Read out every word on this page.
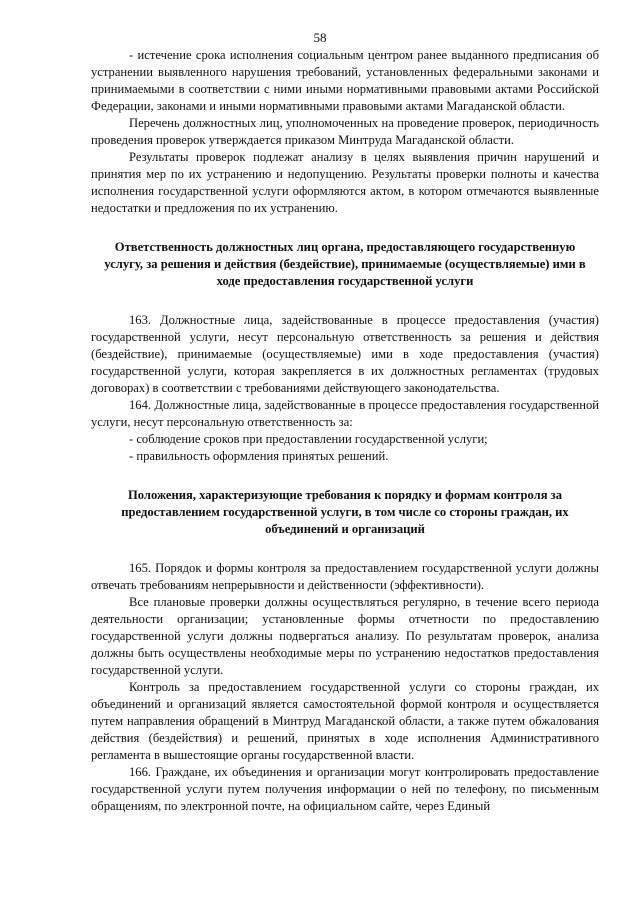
58

- истечение срока исполнения социальным центром ранее выданного предписания об устранении выявленного нарушения требований, установленных федеральными законами и принимаемыми в соответствии с ними иными нормативными правовыми актами Российской Федерации, законами и иными нормативными правовыми актами Магаданской области.

Перечень должностных лиц, уполномоченных на проведение проверок, периодичность проведения проверок утверждается приказом Минтруда Магаданской области.

Результаты проверок подлежат анализу в целях выявления причин нарушений и принятия мер по их устранению и недопущению. Результаты проверки полноты и качества исполнения государственной услуги оформляются актом, в котором отмечаются выявленные недостатки и предложения по их устранению.

Ответственность должностных лиц органа, предоставляющего государственную услугу, за решения и действия (бездействие), принимаемые (осуществляемые) ими в ходе предоставления государственной услуги

163. Должностные лица, задействованные в процессе предоставления (участия) государственной услуги, несут персональную ответственность за решения и действия (бездействие), принимаемые (осуществляемые) ими в ходе предоставления (участия) государственной услуги, которая закрепляется в их должностных регламентах (трудовых договорах) в соответствии с требованиями действующего законодательства.

164. Должностные лица, задействованные в процессе предоставления государственной услуги, несут персональную ответственность за:

- соблюдение сроков при предоставлении государственной услуги;

- правильность оформления принятых решений.

Положения, характеризующие требования к порядку и формам контроля за предоставлением государственной услуги, в том числе со стороны граждан, их объединений и организаций

165. Порядок и формы контроля за предоставлением государственной услуги должны отвечать требованиям непрерывности и действенности (эффективности).

Все плановые проверки должны осуществляться регулярно, в течение всего периода деятельности организации; установленные формы отчетности по предоставлению государственной услуги должны подвергаться анализу. По результатам проверок, анализа должны быть осуществлены необходимые меры по устранению недостатков предоставления государственной услуги.

Контроль за предоставлением государственной услуги со стороны граждан, их объединений и организаций является самостоятельной формой контроля и осуществляется путем направления обращений в Минтруд Магаданской области, а также путем обжалования действия (бездействия) и решений, принятых в ходе исполнения Административного регламента в вышестоящие органы государственной власти.

166. Граждане, их объединения и организации могут контролировать предоставление государственной услуги путем получения информации о ней по телефону, по письменным обращениям, по электронной почте, на официальном сайте, через Единый
